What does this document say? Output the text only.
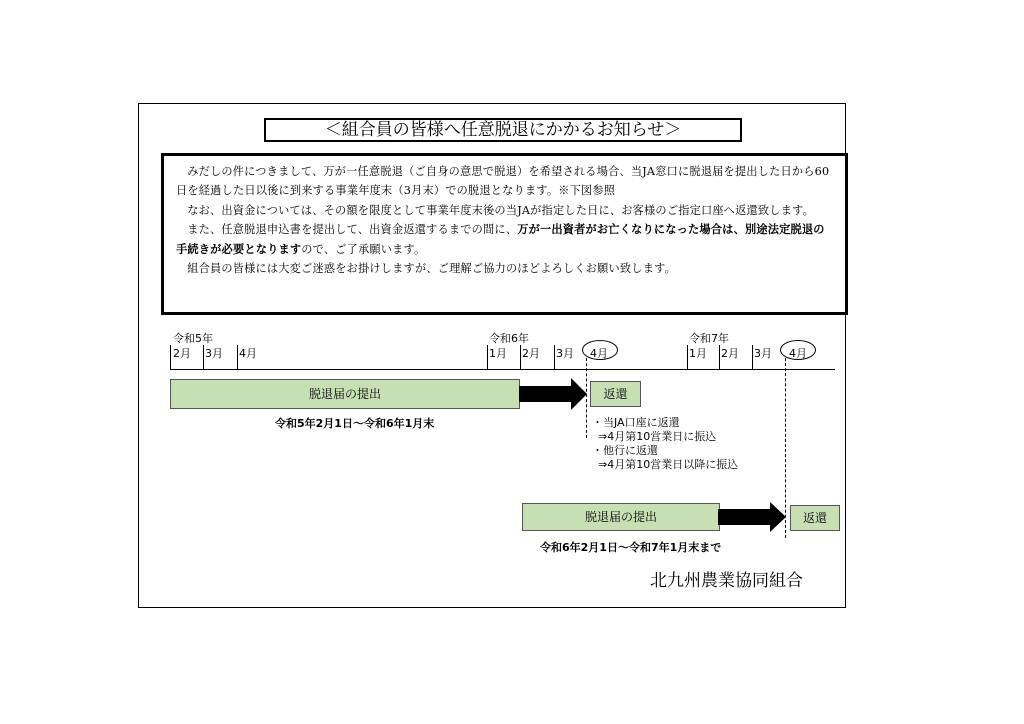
＜組合員の皆様へ任意脱退にかかるお知らせ＞

みだしの件につきまして、万が一任意脱退（ご自身の意思で脱退）を希望される場合、当JA窓口に脱退届を提出した日から60日を経過した日以後に到来する事業年度末（3月末）での脱退となります。※下図参照

なお、出資金については、その額を限度として事業年度末後の当JAが指定した日に、お客様のご指定口座へ返還致します。

また、任意脱退申込書を提出して、出資金返還するまでの間に、万が一出資者がお亡くなりになった場合は、別途法定脱退の手続きが必要となりますので、ご了承願います。

組合員の皆様には大変ご迷惑をお掛けしますが、ご理解ご協力のほどよろしくお願い致します。

令和5年
2月 3月 4月
令和6年
1月 2月 3月 4月
令和7年
1月 2月 3月 4月
脱退届の提出	返還
令和5年2月1日～令和6年1月末	・当JA口座に返還
⇒4月第10営業日に振込
・他行に返還
⇒4月第10営業日以降に振込
脱退届の提出	返還
令和6年2月1日～令和7年1月末まで
北九州農業協同組合
